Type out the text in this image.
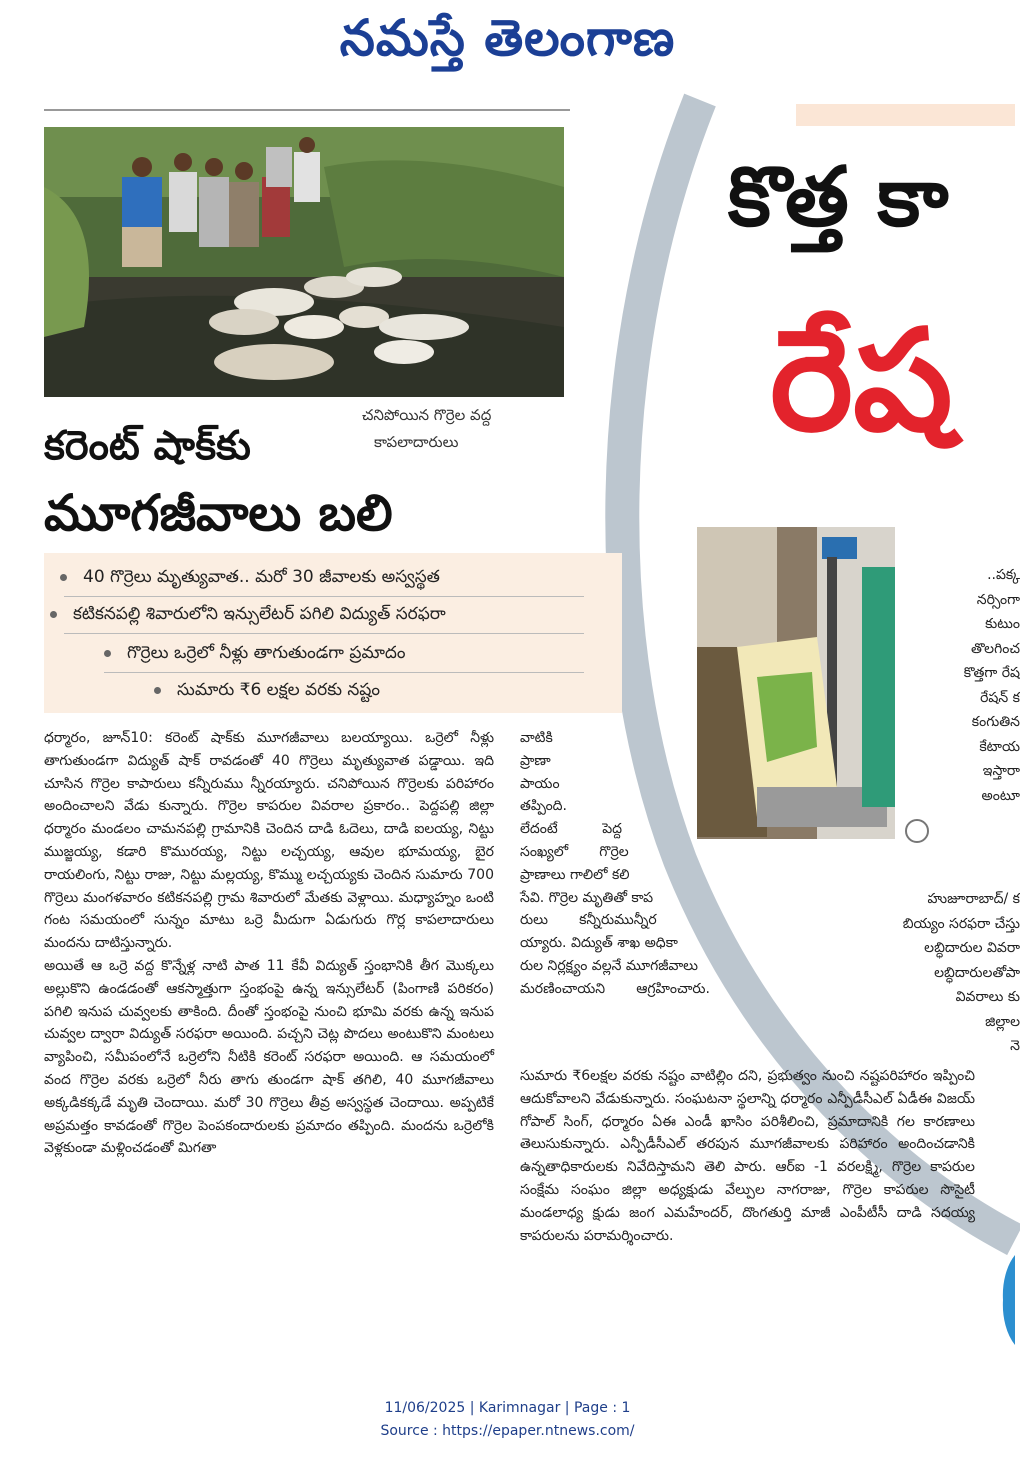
నమస్తే తెలంగాణ
కొత్త కా
రేష
..పక్క
నర్సింగా
కుటుం
తొలగించ
కొత్తగా రేష
రేషన్ క
కంగుతిన
కేటాయ
ఇస్తారా
అంటూ
హుజూరాబాద్/ క
బియ్యం సరఫరా చేస్తు
లబ్ధిదారుల వివరా
లబ్ధిదారులతోపా
వివరాలు కు
జిల్లాల
నె
చనిపోయిన గొర్రెల వద్ద
కాపలాదారులు
కరెంట్ షాక్‌కు
మూగజీవాలు బలి
40 గొర్రెలు మృత్యువాత.. మరో 30 జీవాలకు అస్వస్థత
కటికనపల్లి శివారులోని ఇన్సులేటర్ పగిలి విద్యుత్ సరఫరా
గొర్రెలు ఒర్రెలో నీళ్లు తాగుతుండగా ప్రమాదం
సుమారు ₹6 లక్షల వరకు నష్టం

ధర్మారం, జూన్10: కరెంట్ షాక్‌కు మూగజీవాలు బలయ్యాయి. ఒర్రెలో నీళ్లు తాగుతుండగా విద్యుత్ షాక్ రావడంతో 40 గొర్రెలు మృత్యువాత పడ్డాయి. ఇది చూసిన గొర్రెల కాపారులు కన్నీరుము న్నీరయ్యారు. చనిపోయిన గొర్రెలకు పరిహారం అందించాలని వేడు కున్నారు. గొర్రెల కాపరుల వివరాల ప్రకారం.. పెద్దపల్లి జిల్లా ధర్మారం మండలం చామనపల్లి గ్రామానికి చెందిన దాడి ఓదెలు, దాడి ఐలయ్య, నిట్టు ముజ్జయ్య, కడారి కొమురయ్య, నిట్టు లచ్చయ్య, ఆవుల భూమయ్య, బైర రాయలింగు, నిట్టు రాజు, నిట్టు మల్లయ్య, కొమ్ము లచ్చయ్యకు చెందిన సుమారు 700 గొర్రెలు మంగళవారం కటికనపల్లి గ్రామ శివారులో మేతకు వెళ్లాయి. మధ్యాహ్నం ఒంటి గంట సమయంలో సున్నం మాటు ఒర్రె మీదుగా ఏడుగురు గొర్ల కాపలాదారులు మందను దాటిస్తున్నారు.

అయితే ఆ ఒర్రె వద్ద కొన్నేళ్ల నాటి పాత 11 కేవీ విద్యుత్ స్తంభానికి తీగ మొక్కలు అల్లుకొని ఉండడంతో ఆకస్మాత్తుగా స్తంభంపై ఉన్న ఇన్సులేటర్ (పింగాణి పరికరం) పగిలి ఇనుప చువ్వలకు తాకింది. దీంతో స్తంభంపై నుంచి భూమి వరకు ఉన్న ఇనుప చువ్వల ద్వారా విద్యుత్ సరఫరా అయింది. పచ్చని చెట్ల పొదలు అంటుకొని మంటలు వ్యాపించి, సమీపంలోనే ఒర్రెలోని నీటికి కరెంట్ సరఫరా అయింది. ఆ సమయంలో వంద గొర్రెల వరకు ఒర్రెలో నీరు తాగు తుండగా షాక్ తగిలి, 40 మూగజీవాలు అక్కడికక్కడే మృతి చెందాయి. మరో 30 గొర్రెలు తీవ్ర అస్వస్థత చెందాయి. అప్పటికే అప్రమత్తం కావడంతో గొర్రెల పెంపకందారులకు ప్రమాదం తప్పింది. మందను ఒర్రెలోకి వెళ్లకుండా మళ్లించడంతో మిగతా

వాటికి
ప్రాణా
పాయం
తప్పింది.
లేదంటే          పెద్ద
సంఖ్యలో       గొర్రెల
ప్రాణాలు గాలిలో కలి
సేవి. గొర్రెల మృతితో కాప
రులు       కన్నీరుమున్నీర
య్యారు. విద్యుత్ శాఖ అధికా
రుల నిర్లక్ష్యం వల్లనే మూగజీవాలు
మరణించాయని       ఆగ్రహించారు.

సుమారు ₹6లక్షల వరకు నష్టం వాటిల్లిం దని, ప్రభుత్వం నుంచి నష్టపరిహారం ఇప్పించి ఆదుకోవాలని వేడుకున్నారు. సంఘటనా స్థలాన్ని ధర్మారం ఎన్పీడీసీఎల్ ఏడీఈ విజయ్ గోపాల్ సింగ్, ధర్మారం ఏఈ ఎండీ ఖాసిం పరిశీలించి, ప్రమాదానికి గల కారణాలు తెలుసుకున్నారు. ఎన్పీడీసీఎల్ తరపున మూగజీవాలకు పరిహారం అందించడానికి ఉన్నతాధికారులకు నివేదిస్తామని తెలి పారు. ఆర్ఐ -1 వరలక్ష్మి, గొర్రెల కాపరుల సంక్షేమ సంఘం జిల్లా అధ్యక్షుడు వేల్పుల నాగరాజు, గొర్రెల కాపరుల సొసైటీ మండలాధ్య క్షుడు జంగ ఎమహేందర్, దొంగతుర్తి మాజీ ఎంపీటీసీ దాడి సదయ్య కాపరులను పరామర్శించారు.

11/06/2025 | Karimnagar | Page : 1
Source : https://epaper.ntnews.com/
